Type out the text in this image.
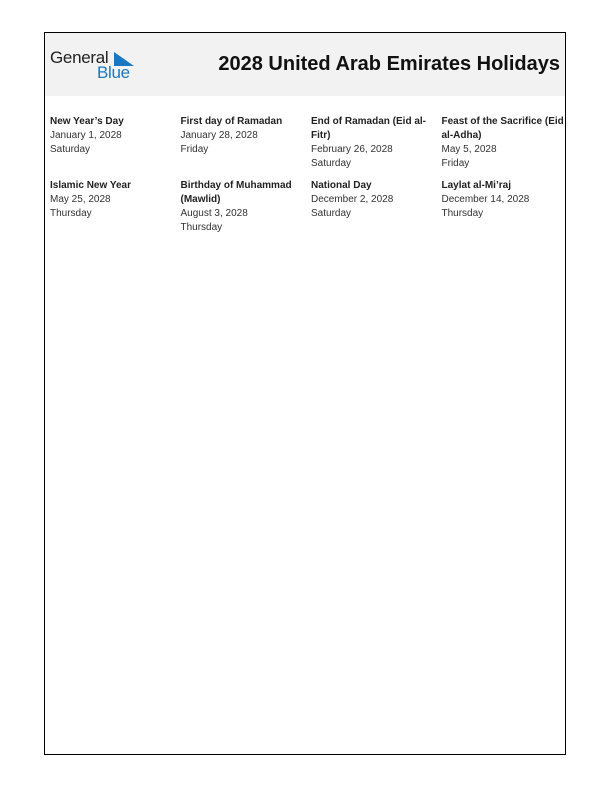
General
Blue	2028 United Arab Emirates Holidays
New Year’s Day
January 1, 2028
Saturday
First day of Ramadan
January 28, 2028
Friday
End of Ramadan (Eid al-Fitr)
February 26, 2028
Saturday
Feast of the Sacrifice (Eid al-Adha)
May 5, 2028
Friday
Islamic New Year
May 25, 2028
Thursday
Birthday of Muhammad (Mawlid)
August 3, 2028
Thursday
National Day
December 2, 2028
Saturday
Laylat al-Mi’raj
December 14, 2028
Thursday
